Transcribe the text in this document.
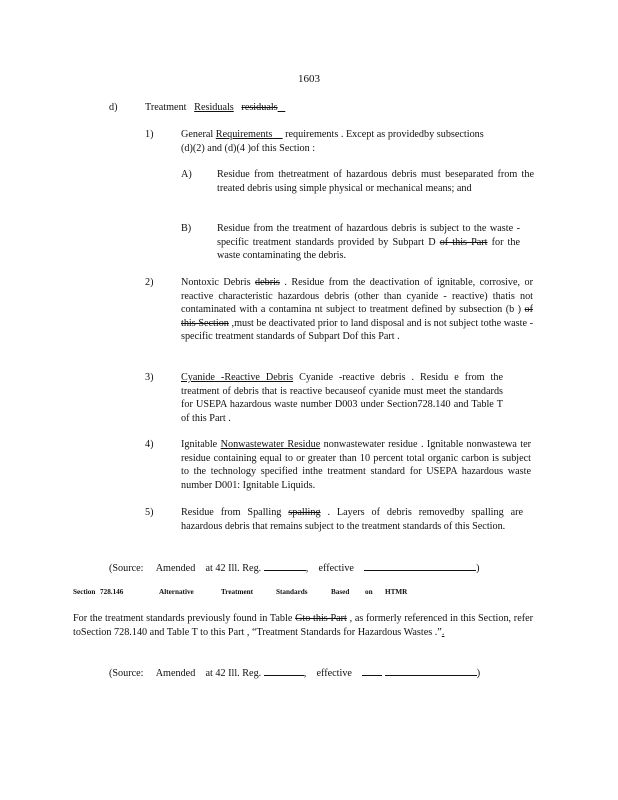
1603
d)	Treatment Residuals residuals
1)	General Requirements requirements . Except as providedby subsections
(d)(2) and (d)(4 )of this Section :
A) Residue from thetreatment of hazardous debris must beseparated from the treated debris using simple physical or mechanical means; and
B)	Residue from the treatment of hazardous debris is subject to the waste -specific treatment standards provided by Subpart D of this Part for the waste contaminating the debris.
2)	Nontoxic Debris debris . Residue from the deactivation of ignitable, corrosive, or reactive characteristic hazardous debris (other than cyanide - reactive) thatis not contaminated with a contamina nt subject to treatment defined by subsection (b ) of this Section ,must be deactivated prior to land disposal and is not subject tothe waste -specific treatment standards of Subpart Dof this Part .
3)	Cyanide -Reactive Debris Cyanide -reactive debris . Residu e from the treatment of debris that is reactive becauseof cyanide must meet the standards for USEPA hazardous waste number D003 under Section728.140 and Table T of this Part .
4)	Ignitable Nonwastewater Residue nonwastewater residue . Ignitable nonwastewa ter residue containing equal to or greater than 10 percent total organic carbon is subject to the technology specified inthe treatment standard for USEPA hazardous waste number D001: Ignitable Liquids.
5)	Residue from Spalling spalling . Layers of debris removedby spalling are hazardous debris that remains subject to the treatment standards of this Section.
(Source: Amended at 42 Ill. Reg.	, effective	)
Section 728.146	Alternative	Treatment	Standards	Based on HTMR
For the treatment standards previously found in Table Gto this Part , as formerly referenced in this Section, refer toSection 728.140 and Table T to this Part , “Treatment Standards for Hazardous Wastes .”.
(Source: Amended at 42 Ill. Reg.	, effective	)
